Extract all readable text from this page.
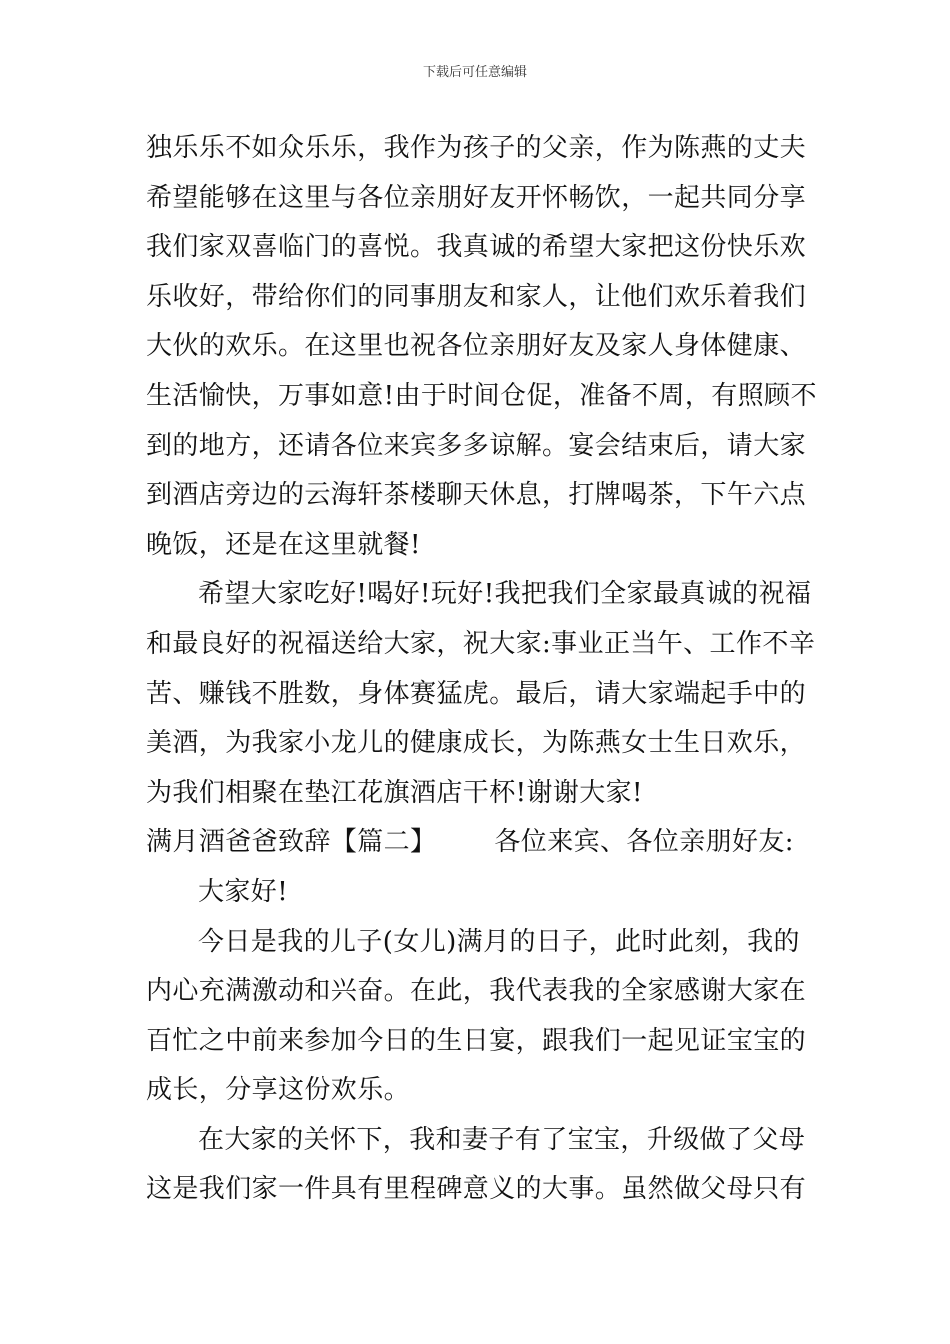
下载后可任意编辑
独乐乐不如众乐乐，我作为孩子的父亲，作为陈燕的丈夫
希望能够在这里与各位亲朋好友开怀畅饮，一起共同分享
我们家双喜临门的喜悦。我真诚的希望大家把这份快乐欢
乐收好，带给你们的同事朋友和家人，让他们欢乐着我们
大伙的欢乐。在这里也祝各位亲朋好友及家人身体健康、
生活愉快，万事如意!由于时间仓促，准备不周，有照顾不
到的地方，还请各位来宾多多谅解。宴会结束后，请大家
到酒店旁边的云海轩茶楼聊天休息，打牌喝茶，下午六点
晚饭，还是在这里就餐!
希望大家吃好!喝好!玩好!我把我们全家最真诚的祝福
和最良好的祝福送给大家，祝大家:事业正当午、工作不辛
苦、赚钱不胜数，身体赛猛虎。最后，请大家端起手中的
美酒，为我家小龙儿的健康成长，为陈燕女士生日欢乐，
为我们相聚在垫江花旗酒店干杯!谢谢大家!
满月酒爸爸致辞【篇二】 各位来宾、各位亲朋好友:
大家好!
今日是我的儿子(女儿)满月的日子，此时此刻，我的
内心充满激动和兴奋。在此，我代表我的全家感谢大家在
百忙之中前来参加今日的生日宴，跟我们一起见证宝宝的
成长，分享这份欢乐。
在大家的关怀下，我和妻子有了宝宝，升级做了父母
这是我们家一件具有里程碑意义的大事。虽然做父母只有
